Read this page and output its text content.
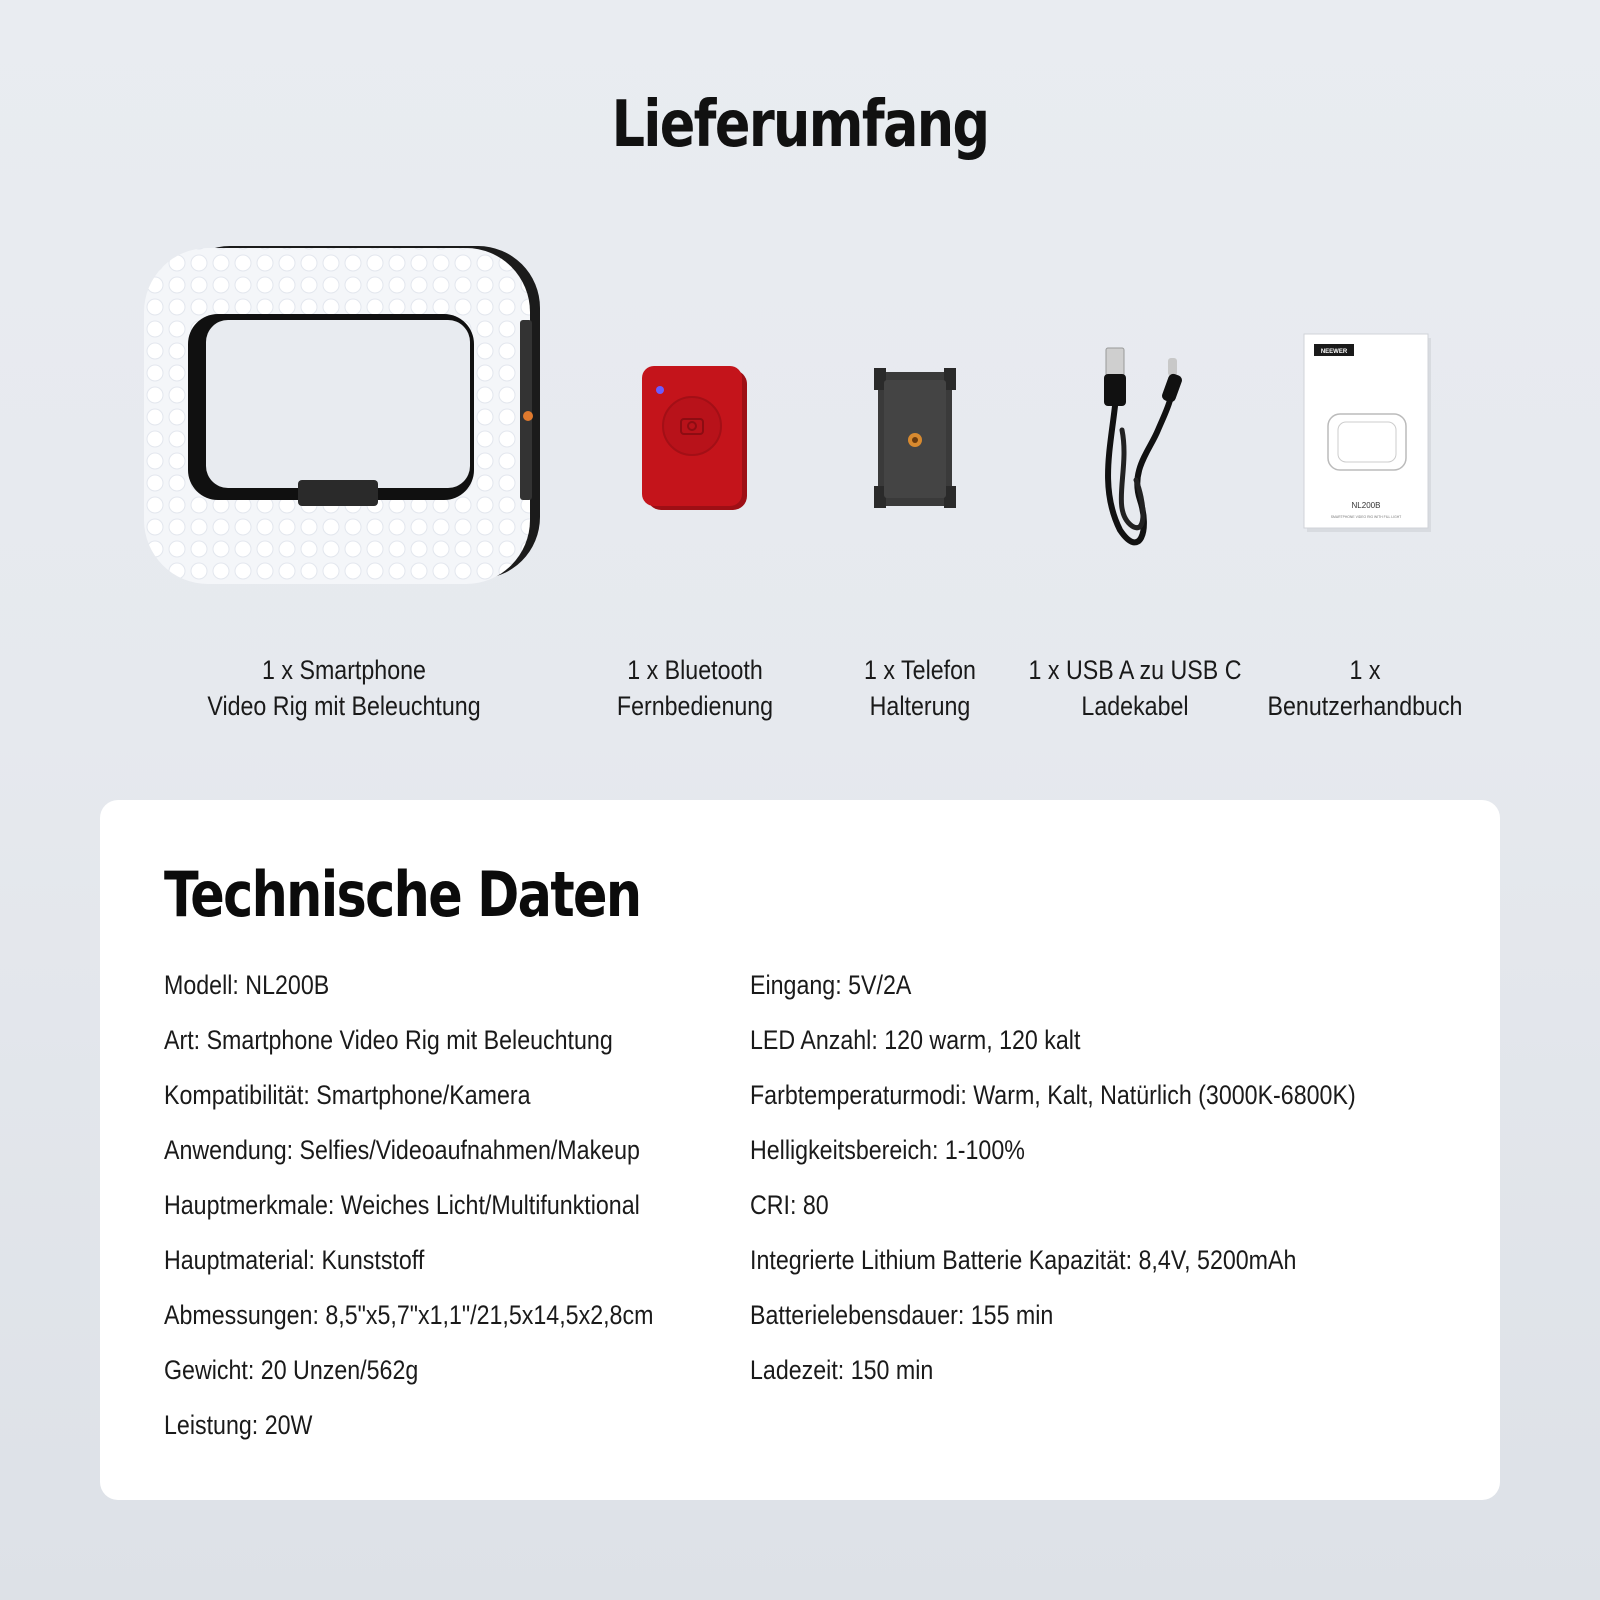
Lieferumfang
1 x Smartphone
Video Rig mit Beleuchtung
1 x Bluetooth
Fernbedienung
1 x Telefon
Halterung
1 x USB A zu USB C
Ladekabel
NEEWER
NL200B
SMARTPHONE VIDEO RIG WITH FILL LIGHT
1 x
Benutzerhandbuch
Technische Daten
Modell: NL200B
Art: Smartphone Video Rig mit Beleuchtung
Kompatibilität: Smartphone/Kamera
Anwendung: Selfies/Videoaufnahmen/Makeup
Hauptmerkmale: Weiches Licht/Multifunktional
Hauptmaterial: Kunststoff
Abmessungen: 8,5"x5,7"x1,1"/21,5x14,5x2,8cm
Gewicht: 20 Unzen/562g
Leistung: 20W
Eingang: 5V/2A
LED Anzahl: 120 warm, 120 kalt
Farbtemperaturmodi: Warm, Kalt, Natürlich (3000K-6800K)
Helligkeitsbereich: 1-100%
CRI: 80
Integrierte Lithium Batterie Kapazität: 8,4V, 5200mAh
Batterielebensdauer: 155 min
Ladezeit: 150 min
